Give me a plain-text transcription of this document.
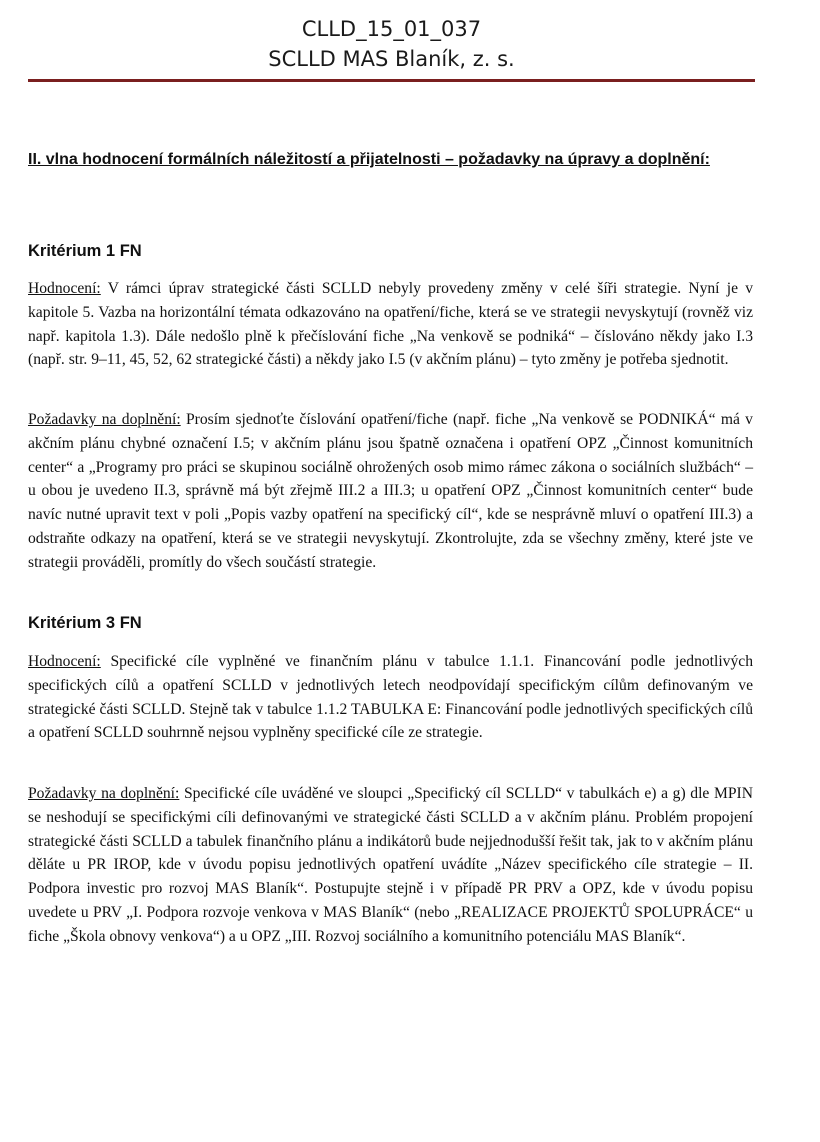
CLLD_15_01_037
SCLLD MAS Blaník, z. s.
II. vlna hodnocení formálních náležitostí a přijatelnosti – požadavky na úpravy a doplnění:
Kritérium 1 FN
Hodnocení: V rámci úprav strategické části SCLLD nebyly provedeny změny v celé šíři strategie. Nyní je v kapitole 5. Vazba na horizontální témata odkazováno na opatření/fiche, která se ve strategii nevyskytují (rovněž viz např. kapitola 1.3). Dále nedošlo plně k přečíslování fiche „Na venkově se podniká“ – číslováno někdy jako I.3 (např. str. 9–11, 45, 52, 62 strategické části) a někdy jako I.5 (v akčním plánu) – tyto změny je potřeba sjednotit.
Požadavky na doplnění: Prosím sjednoťte číslování opatření/fiche (např. fiche „Na venkově se PODNIKÁ“ má v akčním plánu chybné označení I.5; v akčním plánu jsou špatně označena i opatření OPZ „Činnost komunitních center“ a „Programy pro práci se skupinou sociálně ohrožených osob mimo rámec zákona o sociálních službách“ – u obou je uvedeno II.3, správně má být zřejmě III.2 a III.3; u opatření OPZ „Činnost komunitních center“ bude navíc nutné upravit text v poli „Popis vazby opatření na specifický cíl“, kde se nesprávně mluví o opatření III.3) a odstraňte odkazy na opatření, která se ve strategii nevyskytují. Zkontrolujte, zda se všechny změny, které jste ve strategii prováděli, promítly do všech součástí strategie.
Kritérium 3 FN
Hodnocení: Specifické cíle vyplněné ve finančním plánu v tabulce 1.1.1. Financování podle jednotlivých specifických cílů a opatření SCLLD v jednotlivých letech neodpovídají specifickým cílům definovaným ve strategické části SCLLD. Stejně tak v tabulce 1.1.2 TABULKA E: Financování podle jednotlivých specifických cílů a opatření SCLLD souhrnně nejsou vyplněny specifické cíle ze strategie.
Požadavky na doplnění: Specifické cíle uváděné ve sloupci „Specifický cíl SCLLD“ v tabulkách e) a g) dle MPIN se neshodují se specifickými cíli definovanými ve strategické části SCLLD a v akčním plánu. Problém propojení strategické části SCLLD a tabulek finančního plánu a indikátorů bude nejjednodušší řešit tak, jak to v akčním plánu děláte u PR IROP, kde v úvodu popisu jednotlivých opatření uvádíte „Název specifického cíle strategie – II. Podpora investic pro rozvoj MAS Blaník“. Postupujte stejně i v případě PR PRV a OPZ, kde v úvodu popisu uvedete u PRV „I. Podpora rozvoje venkova v MAS Blaník“ (nebo „REALIZACE PROJEKTŮ SPOLUPRÁCE“ u fiche „Škola obnovy venkova“) a u OPZ „III. Rozvoj sociálního a komunitního potenciálu MAS Blaník“.
